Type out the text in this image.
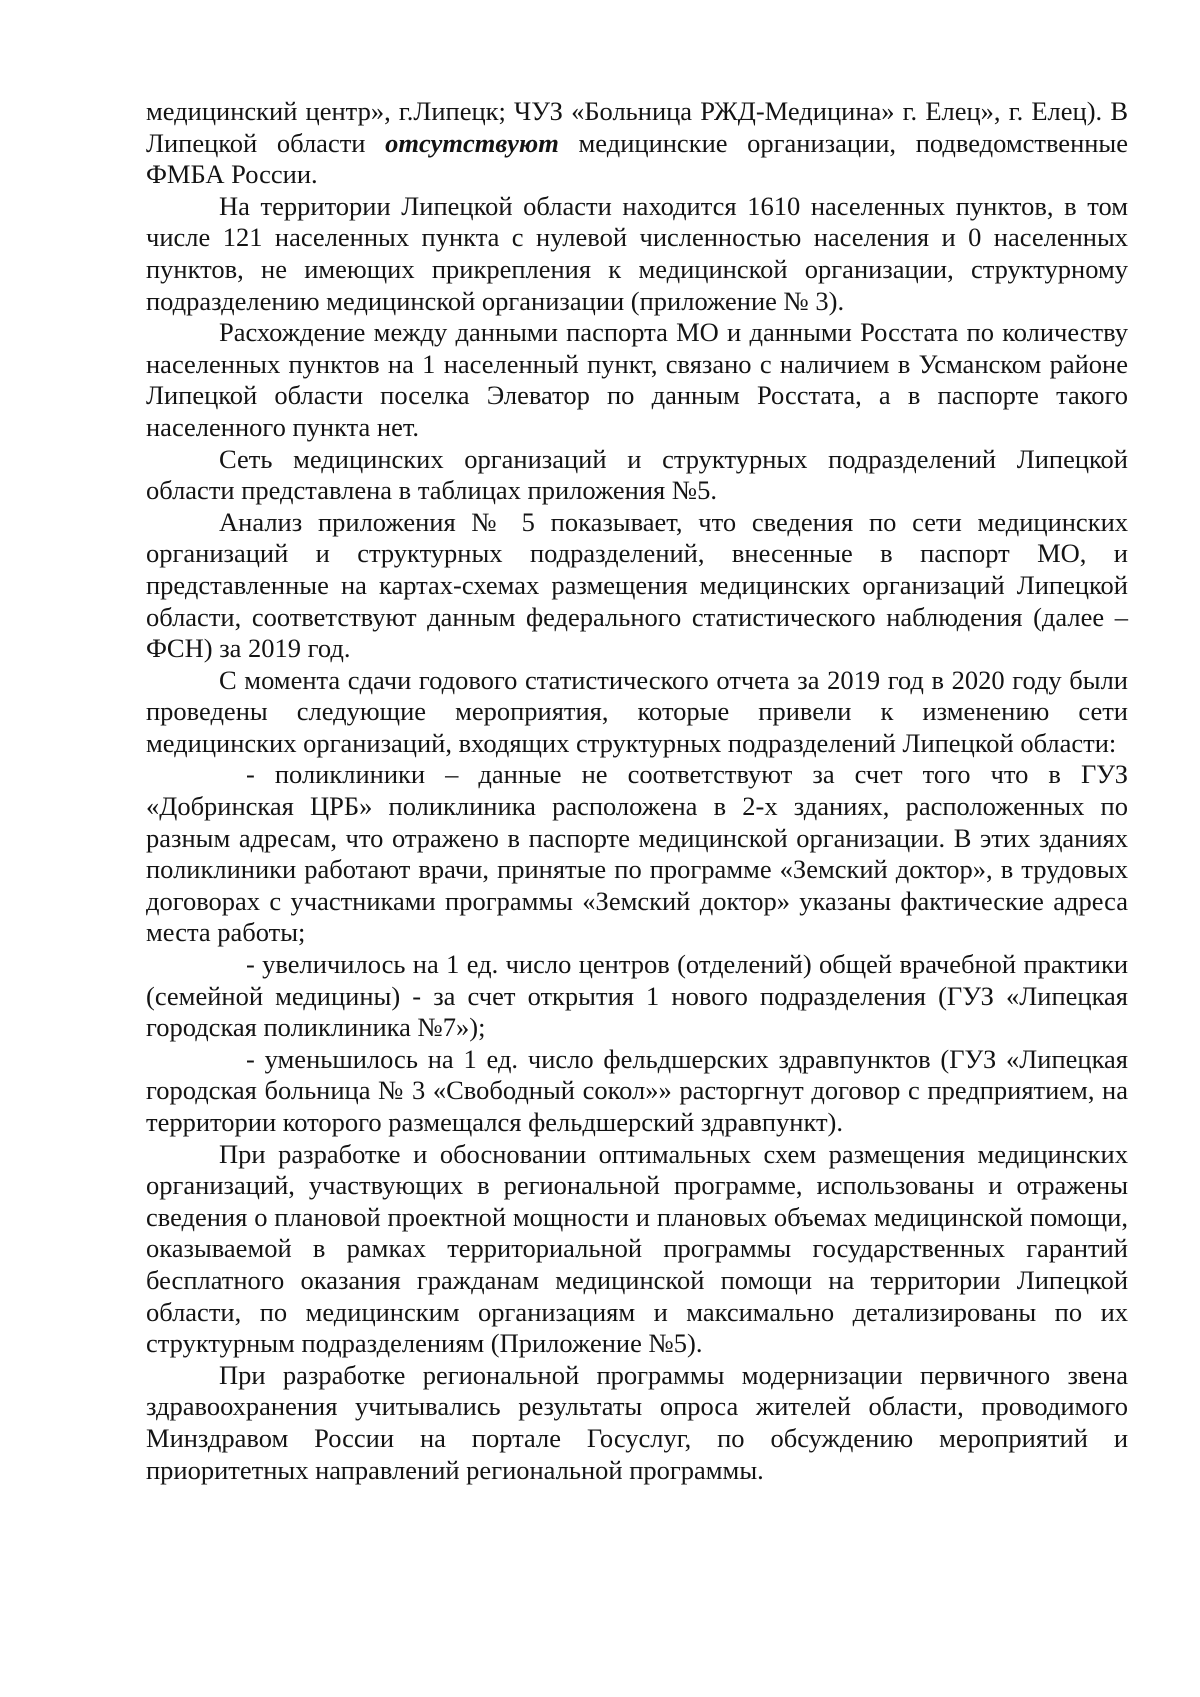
медицинский центр», г.Липецк; ЧУЗ «Больница РЖД-Медицина» г. Елец», г. Елец). В Липецкой области отсутствуют медицинские организации, подведомственные ФМБА России.

На территории Липецкой области находится 1610 населенных пунктов, в том числе 121 населенных пункта с нулевой численностью населения и 0 населенных пунктов, не имеющих прикрепления к медицинской организации, структурному подразделению медицинской организации (приложение № 3).

Расхождение между данными паспорта МО и данными Росстата по количеству населенных пунктов на 1 населенный пункт, связано с наличием в Усманском районе Липецкой области поселка Элеватор по данным Росстата, а в паспорте такого населенного пункта нет.

Сеть медицинских организаций и структурных подразделений Липецкой области представлена в таблицах приложения №5.

Анализ приложения № 5 показывает, что сведения по сети медицинских организаций и структурных подразделений, внесенные в паспорт МО, и представленные на картах-схемах размещения медицинских организаций Липецкой области, соответствуют данным федерального статистического наблюдения (далее – ФСН) за 2019 год.

С момента сдачи годового статистического отчета за 2019 год в 2020 году были проведены следующие мероприятия, которые привели к изменению сети медицинских организаций, входящих структурных подразделений Липецкой области:

- поликлиники – данные не соответствуют за счет того что в ГУЗ «Добринская ЦРБ» поликлиника расположена в 2-х зданиях, расположенных по разным адресам, что отражено в паспорте медицинской организации. В этих зданиях поликлиники работают врачи, принятые по программе «Земский доктор», в трудовых договорах с участниками программы «Земский доктор» указаны фактические адреса места работы;

- увеличилось на 1 ед. число центров (отделений) общей врачебной практики (семейной медицины) - за счет открытия 1 нового подразделения (ГУЗ «Липецкая городская поликлиника №7»);

- уменьшилось на 1 ед. число фельдшерских здравпунктов (ГУЗ «Липецкая городская больница № 3 «Свободный сокол»» расторгнут договор с предприятием, на территории которого размещался фельдшерский здравпункт).

При разработке и обосновании оптимальных схем размещения медицинских организаций, участвующих в региональной программе, использованы и отражены сведения о плановой проектной мощности и плановых объемах медицинской помощи, оказываемой в рамках территориальной программы государственных гарантий бесплатного оказания гражданам медицинской помощи на территории Липецкой области, по медицинским организациям и максимально детализированы по их структурным подразделениям (Приложение №5).

При разработке региональной программы модернизации первичного звена здравоохранения учитывались результаты опроса жителей области, проводимого Минздравом России на портале Госуслуг, по обсуждению мероприятий и приоритетных направлений региональной программы.
